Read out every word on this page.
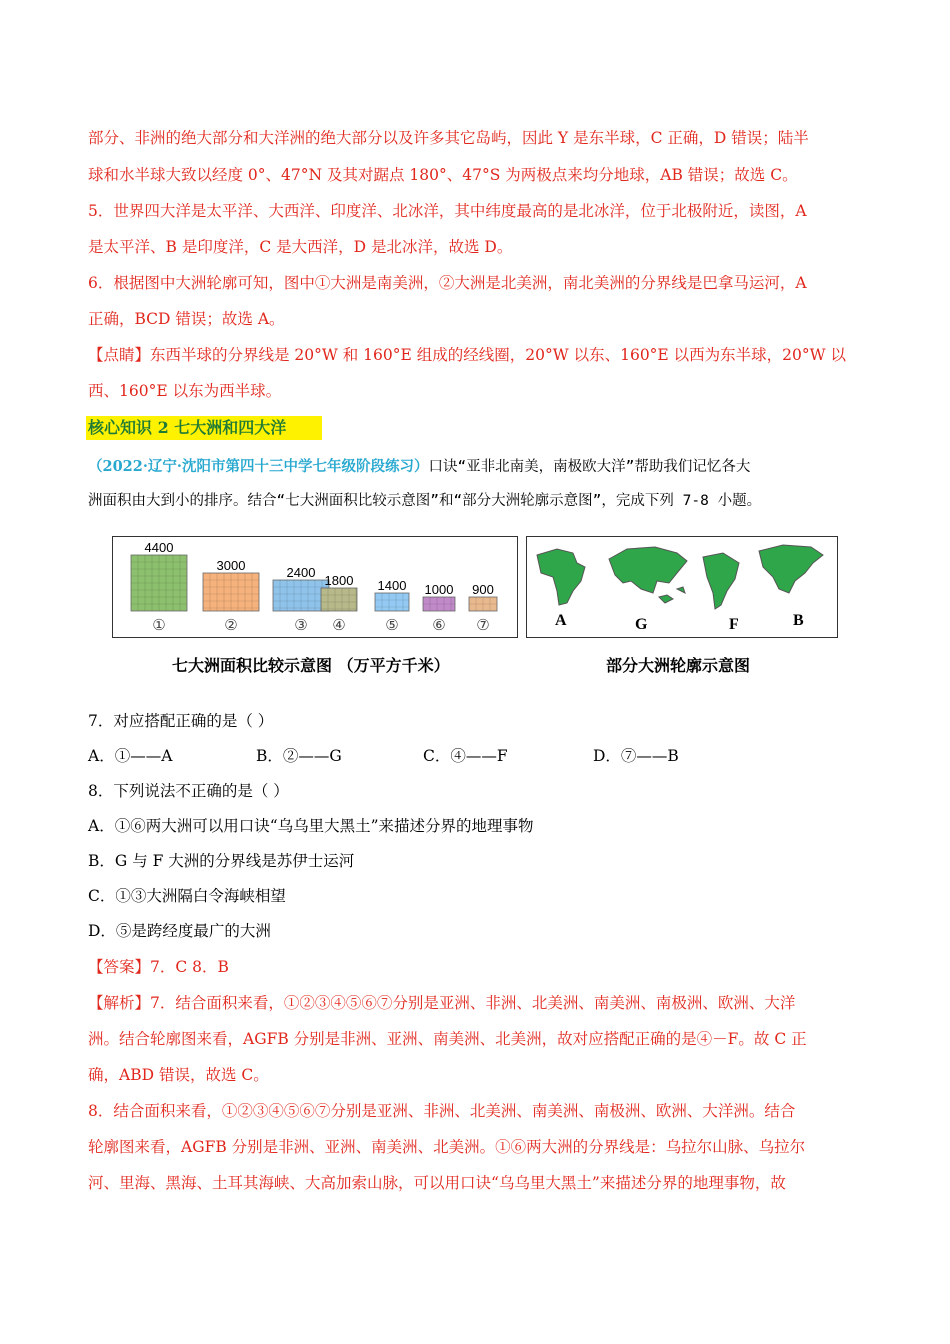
部分、非洲的绝大部分和大洋洲的绝大部分以及许多其它岛屿，因此 Y 是东半球，C 正确，D 错误；陆半
球和水半球大致以经度 0°、47°N 及其对踞点 180°、47°S 为两极点来均分地球，AB 错误；故选 C。
5．世界四大洋是太平洋、大西洋、印度洋、北冰洋，其中纬度最高的是北冰洋，位于北极附近，读图，A
是太平洋、B 是印度洋，C 是大西洋，D 是北冰洋，故选 D。
6．根据图中大洲轮廓可知，图中①大洲是南美洲，②大洲是北美洲，南北美洲的分界线是巴拿马运河，A
正确，BCD 错误；故选 A。
【点睛】东西半球的分界线是 20°W 和 160°E 组成的经线圈，20°W 以东、160°E 以西为东半球，20°W 以
西、160°E 以东为西半球。
核心知识 2 七大洲和四大洋
（2022·辽宁·沈阳市第四十三中学七年级阶段练习）口诀“亚非北南美，南极欧大洋”帮助我们记忆各大
洲面积由大到小的排序。结合“七大洲面积比较示意图”和“部分大洲轮廓示意图”，完成下列 7-8 小题。
4400
①
3000
②
2400
③
1800
④
1400
⑤
1000
⑥
900
⑦
七大洲面积比较示意图 （万平方千米）
A	G	F	B
部分大洲轮廓示意图
7．对应搭配正确的是（ ）
A．①——A	B．②——G	C．④——F	D．⑦——B
8．下列说法不正确的是（ ）
A．①⑥两大洲可以用口诀“乌乌里大黑土”来描述分界的地理事物
B．G 与 F 大洲的分界线是苏伊士运河
C．①③大洲隔白令海峡相望
D．⑤是跨经度最广的大洲
【答案】7．C 8．B
【解析】7．结合面积来看，①②③④⑤⑥⑦分别是亚洲、非洲、北美洲、南美洲、南极洲、欧洲、大洋
洲。结合轮廓图来看，AGFB 分别是非洲、亚洲、南美洲、北美洲，故对应搭配正确的是④－F。故 C 正
确，ABD 错误，故选 C。
8．结合面积来看，①②③④⑤⑥⑦分别是亚洲、非洲、北美洲、南美洲、南极洲、欧洲、大洋洲。结合
轮廓图来看，AGFB 分别是非洲、亚洲、南美洲、北美洲。①⑥两大洲的分界线是：乌拉尔山脉、乌拉尔
河、里海、黑海、土耳其海峡、大高加索山脉，可以用口诀“乌乌里大黑土”来描述分界的地理事物，故
